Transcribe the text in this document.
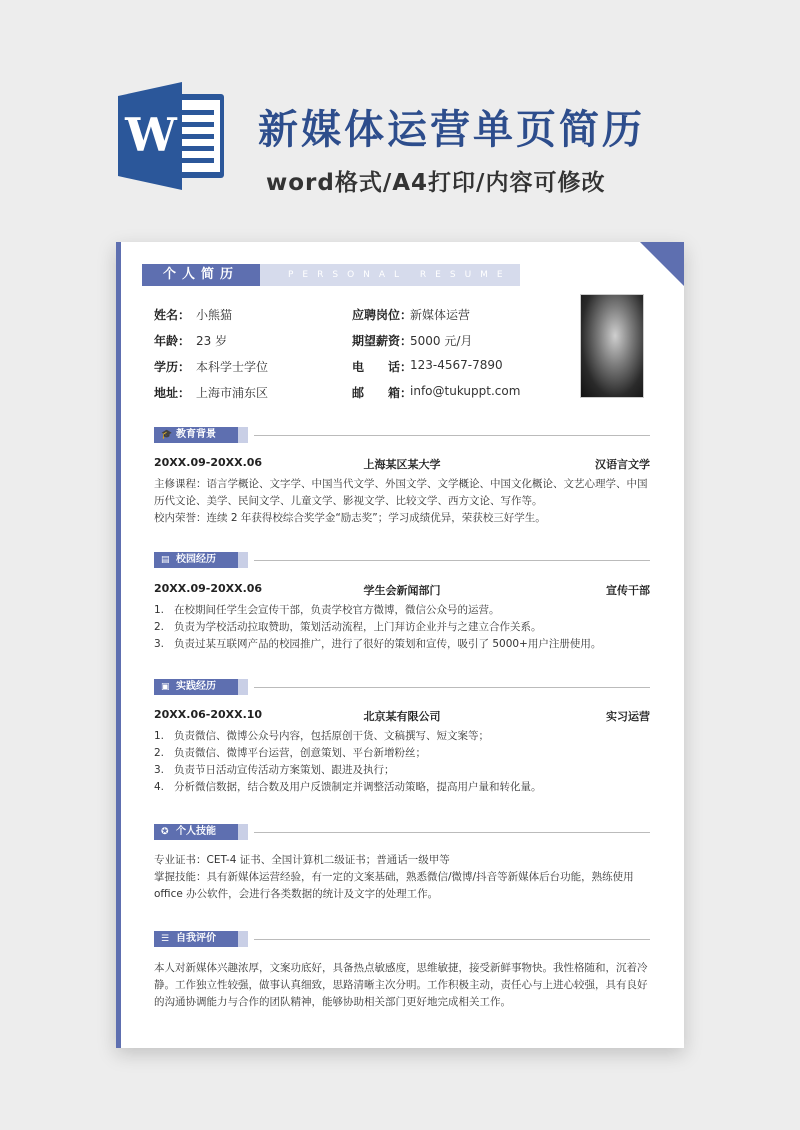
W 新媒体运营单页简历
word格式/A4打印/内容可修改
个人简历	PERSONAL RESUME
姓名： 小熊猫
年龄： 23 岁
学历： 本科学士学位
地址： 上海市浦东区
应聘岗位：
新媒体运营
期望薪资：
5000 元/月
电　　话：
123-4567-7890
邮　　箱：
info@tukuppt.com
🎓 教育背景
20XX.09-20XX.06	上海某区某大学	汉语言文学
主修课程：语言学概论、文字学、中国当代文学、外国文学、文学概论、中国文化概论、文艺心理学、中国
历代文论、美学、民间文学、儿童文学、影视文学、比较文学、西方文论、写作等。
校内荣誉：连续 2 年获得校综合奖学金“励志奖”；学习成绩优异，荣获校三好学生。
▤ 校园经历
20XX.09-20XX.06	学生会新闻部门	宣传干部
1. 在校期间任学生会宣传干部，负责学校官方微博，微信公众号的运营。
2. 负责为学校活动拉取赞助，策划活动流程，上门拜访企业并与之建立合作关系。
3. 负责过某互联网产品的校园推广，进行了很好的策划和宣传，吸引了 5000+用户注册使用。
▣ 实践经历
20XX.06-20XX.10	北京某有限公司	实习运营
1. 负责微信、微博公众号内容，包括原创干货、文稿撰写、短文案等；
2. 负责微信、微博平台运营，创意策划、平台新增粉丝；
3. 负责节日活动宣传活动方案策划、跟进及执行；
4. 分析微信数据，结合数及用户反馈制定并调整活动策略，提高用户量和转化量。
✪ 个人技能
专业证书：CET-4 证书、全国计算机二级证书；普通话一级甲等
掌握技能：具有新媒体运营经验，有一定的文案基础，熟悉微信/微博/抖音等新媒体后台功能，熟练使用
office 办公软件，会进行各类数据的统计及文字的处理工作。
☰ 自我评价
本人对新媒体兴趣浓厚，文案功底好，具备热点敏感度，思维敏捷，接受新鲜事物快。我性格随和，沉着冷
静。工作独立性较强，做事认真细致，思路清晰主次分明。工作积极主动，责任心与上进心较强，具有良好
的沟通协调能力与合作的团队精神，能够协助相关部门更好地完成相关工作。
